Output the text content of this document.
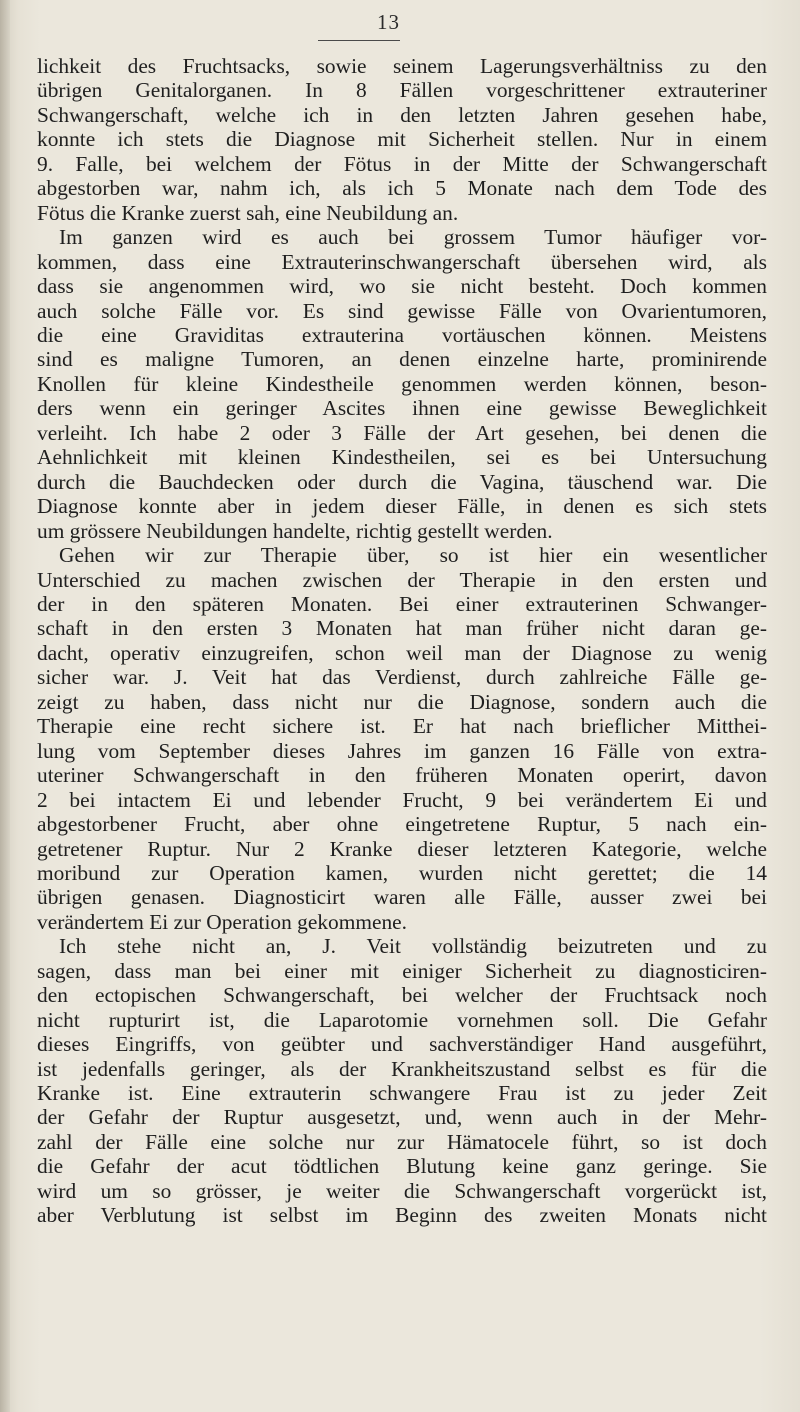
13
lichkeit des Fruchtsacks, sowie seinem Lagerungsverhältniss zu den
übrigen Genitalorganen. In 8 Fällen vorgeschrittener extrauteriner
Schwangerschaft, welche ich in den letzten Jahren gesehen habe,
konnte ich stets die Diagnose mit Sicherheit stellen. Nur in einem
9. Falle, bei welchem der Fötus in der Mitte der Schwangerschaft
abgestorben war, nahm ich, als ich 5 Monate nach dem Tode des
Fötus die Kranke zuerst sah, eine Neubildung an.
Im ganzen wird es auch bei grossem Tumor häufiger vor-
kommen, dass eine Extrauterinschwangerschaft übersehen wird, als
dass sie angenommen wird, wo sie nicht besteht. Doch kommen
auch solche Fälle vor. Es sind gewisse Fälle von Ovarientumoren,
die eine Graviditas extrauterina vortäuschen können. Meistens
sind es maligne Tumoren, an denen einzelne harte, prominirende
Knollen für kleine Kindestheile genommen werden können, beson-
ders wenn ein geringer Ascites ihnen eine gewisse Beweglichkeit
verleiht. Ich habe 2 oder 3 Fälle der Art gesehen, bei denen die
Aehnlichkeit mit kleinen Kindestheilen, sei es bei Untersuchung
durch die Bauchdecken oder durch die Vagina, täuschend war. Die
Diagnose konnte aber in jedem dieser Fälle, in denen es sich stets
um grössere Neubildungen handelte, richtig gestellt werden.
Gehen wir zur Therapie über, so ist hier ein wesentlicher
Unterschied zu machen zwischen der Therapie in den ersten und
der in den späteren Monaten. Bei einer extrauterinen Schwanger-
schaft in den ersten 3 Monaten hat man früher nicht daran ge-
dacht, operativ einzugreifen, schon weil man der Diagnose zu wenig
sicher war. J. Veit hat das Verdienst, durch zahlreiche Fälle ge-
zeigt zu haben, dass nicht nur die Diagnose, sondern auch die
Therapie eine recht sichere ist. Er hat nach brieflicher Mitthei-
lung vom September dieses Jahres im ganzen 16 Fälle von extra-
uteriner Schwangerschaft in den früheren Monaten operirt, davon
2 bei intactem Ei und lebender Frucht, 9 bei verändertem Ei und
abgestorbener Frucht, aber ohne eingetretene Ruptur, 5 nach ein-
getretener Ruptur. Nur 2 Kranke dieser letzteren Kategorie, welche
moribund zur Operation kamen, wurden nicht gerettet; die 14
übrigen genasen. Diagnosticirt waren alle Fälle, ausser zwei bei
verändertem Ei zur Operation gekommene.
Ich stehe nicht an, J. Veit vollständig beizutreten und zu
sagen, dass man bei einer mit einiger Sicherheit zu diagnosticiren-
den ectopischen Schwangerschaft, bei welcher der Fruchtsack noch
nicht rupturirt ist, die Laparotomie vornehmen soll. Die Gefahr
dieses Eingriffs, von geübter und sachverständiger Hand ausgeführt,
ist jedenfalls geringer, als der Krankheitszustand selbst es für die
Kranke ist. Eine extrauterin schwangere Frau ist zu jeder Zeit
der Gefahr der Ruptur ausgesetzt, und, wenn auch in der Mehr-
zahl der Fälle eine solche nur zur Hämatocele führt, so ist doch
die Gefahr der acut tödtlichen Blutung keine ganz geringe. Sie
wird um so grösser, je weiter die Schwangerschaft vorgerückt ist,
aber Verblutung ist selbst im Beginn des zweiten Monats nicht
